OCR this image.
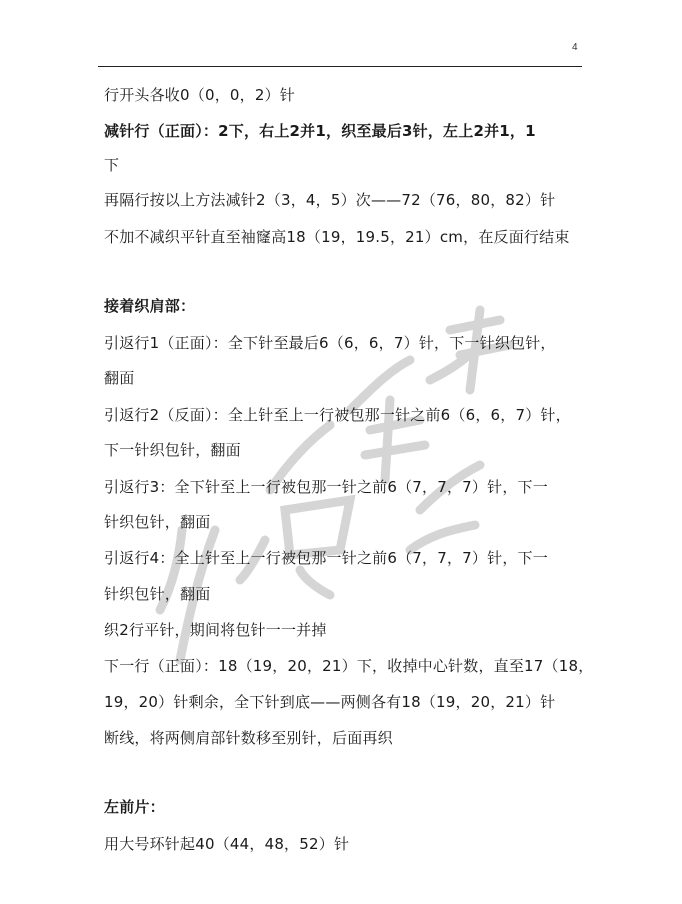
4
行开头各收0（0，0，2）针
减针行（正面）：2下，右上2并1，织至最后3针，左上2并1，1
下
再隔行按以上方法减针2（3，4，5）次——72（76，80，82）针
不加不减织平针直至袖窿高18（19，19.5，21）cm，在反面行结束
接着织肩部：
引返行1（正面）：全下针至最后6（6，6，7）针，下一针织包针，
翻面
引返行2（反面）：全上针至上一行被包那一针之前6（6，6，7）针，
下一针织包针，翻面
引返行3：全下针至上一行被包那一针之前6（7，7，7）针，下一
针织包针，翻面
引返行4：全上针至上一行被包那一针之前6（7，7，7）针，下一
针织包针，翻面
织2行平针，期间将包针一一并掉
下一行（正面）：18（19，20，21）下，收掉中心针数，直至17（18，
19，20）针剩余，全下针到底——两侧各有18（19，20，21）针
断线，将两侧肩部针数移至别针，后面再织
左前片：
用大号环针起40（44，48，52）针
